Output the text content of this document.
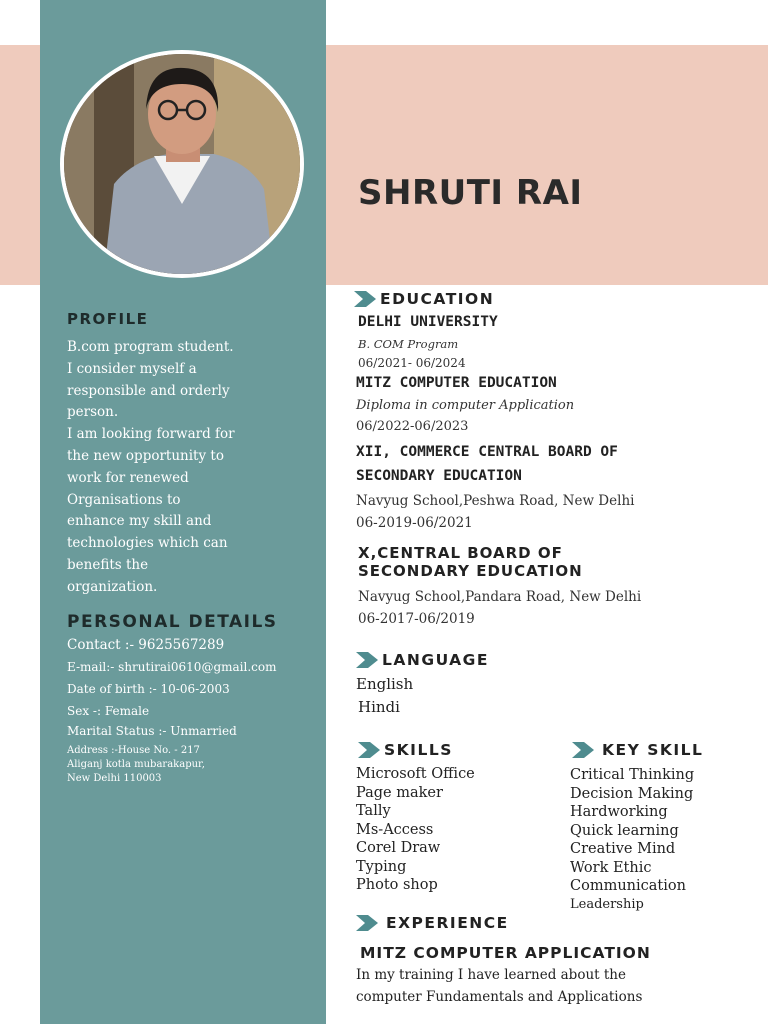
SHRUTI RAI
PROFILE
B.com program student.
I consider myself a
responsible and orderly
person.
I am looking forward for
the new opportunity to
work for renewed
Organisations to
enhance my skill and
technologies which can
benefits the
organization.
PERSONAL DETAILS
Contact :- 9625567289
E-mail:- shrutirai0610@gmail.com
Date of birth :- 10-06-2003
Sex -: Female
Marital Status :- Unmarried
Address :-House No. - 217
Aliganj kotla mubarakapur,
New Delhi 110003
EDUCATION
DELHI UNIVERSITY
B. COM Program
06/2021- 06/2024
MITZ COMPUTER EDUCATION
Diploma in computer Application
06/2022-06/2023
XII, COMMERCE CENTRAL BOARD OF
SECONDARY EDUCATION
Navyug School,Peshwa Road, New Delhi
06-2019-06/2021
X,CENTRAL BOARD OF
SECONDARY EDUCATION
Navyug School,Pandara Road, New Delhi
06-2017-06/2019
LANGUAGE
English
Hindi
SKILLS
Microsoft Office
Page maker
Tally
Ms-Access
Corel Draw
Typing
Photo shop
KEY SKILL
Critical Thinking
Decision Making
Hardworking
Quick learning
Creative Mind
Work Ethic
Communication
Leadership
EXPERIENCE
MITZ COMPUTER APPLICATION
In my training I have learned about the
computer Fundamentals and Applications
